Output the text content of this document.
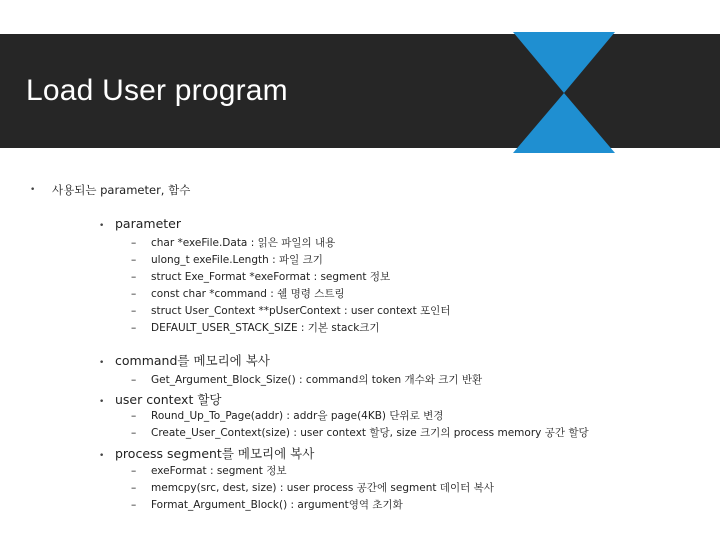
Load User program
• 사용되는 parameter, 함수
• parameter
– char *exeFile.Data : 읽은 파일의 내용
– ulong_t exeFile.Length : 파일 크기
– struct Exe_Format *exeFormat : segment 정보
– const char *command : 쉘 명령 스트링
– struct User_Context **pUserContext : user context 포인터
– DEFAULT_USER_STACK_SIZE : 기본 stack크기
• command를 메모리에 복사
– Get_Argument_Block_Size() : command의 token 개수와 크기 반환
• user context 할당
– Round_Up_To_Page(addr) : addr을 page(4KB) 단위로 변경
– Create_User_Context(size) : user context 할당, size 크기의 process memory 공간 할당
• process segment를 메모리에 복사
– exeFormat : segment 정보
– memcpy(src, dest, size) : user process 공간에 segment 데이터 복사
– Format_Argument_Block() : argument영역 초기화
